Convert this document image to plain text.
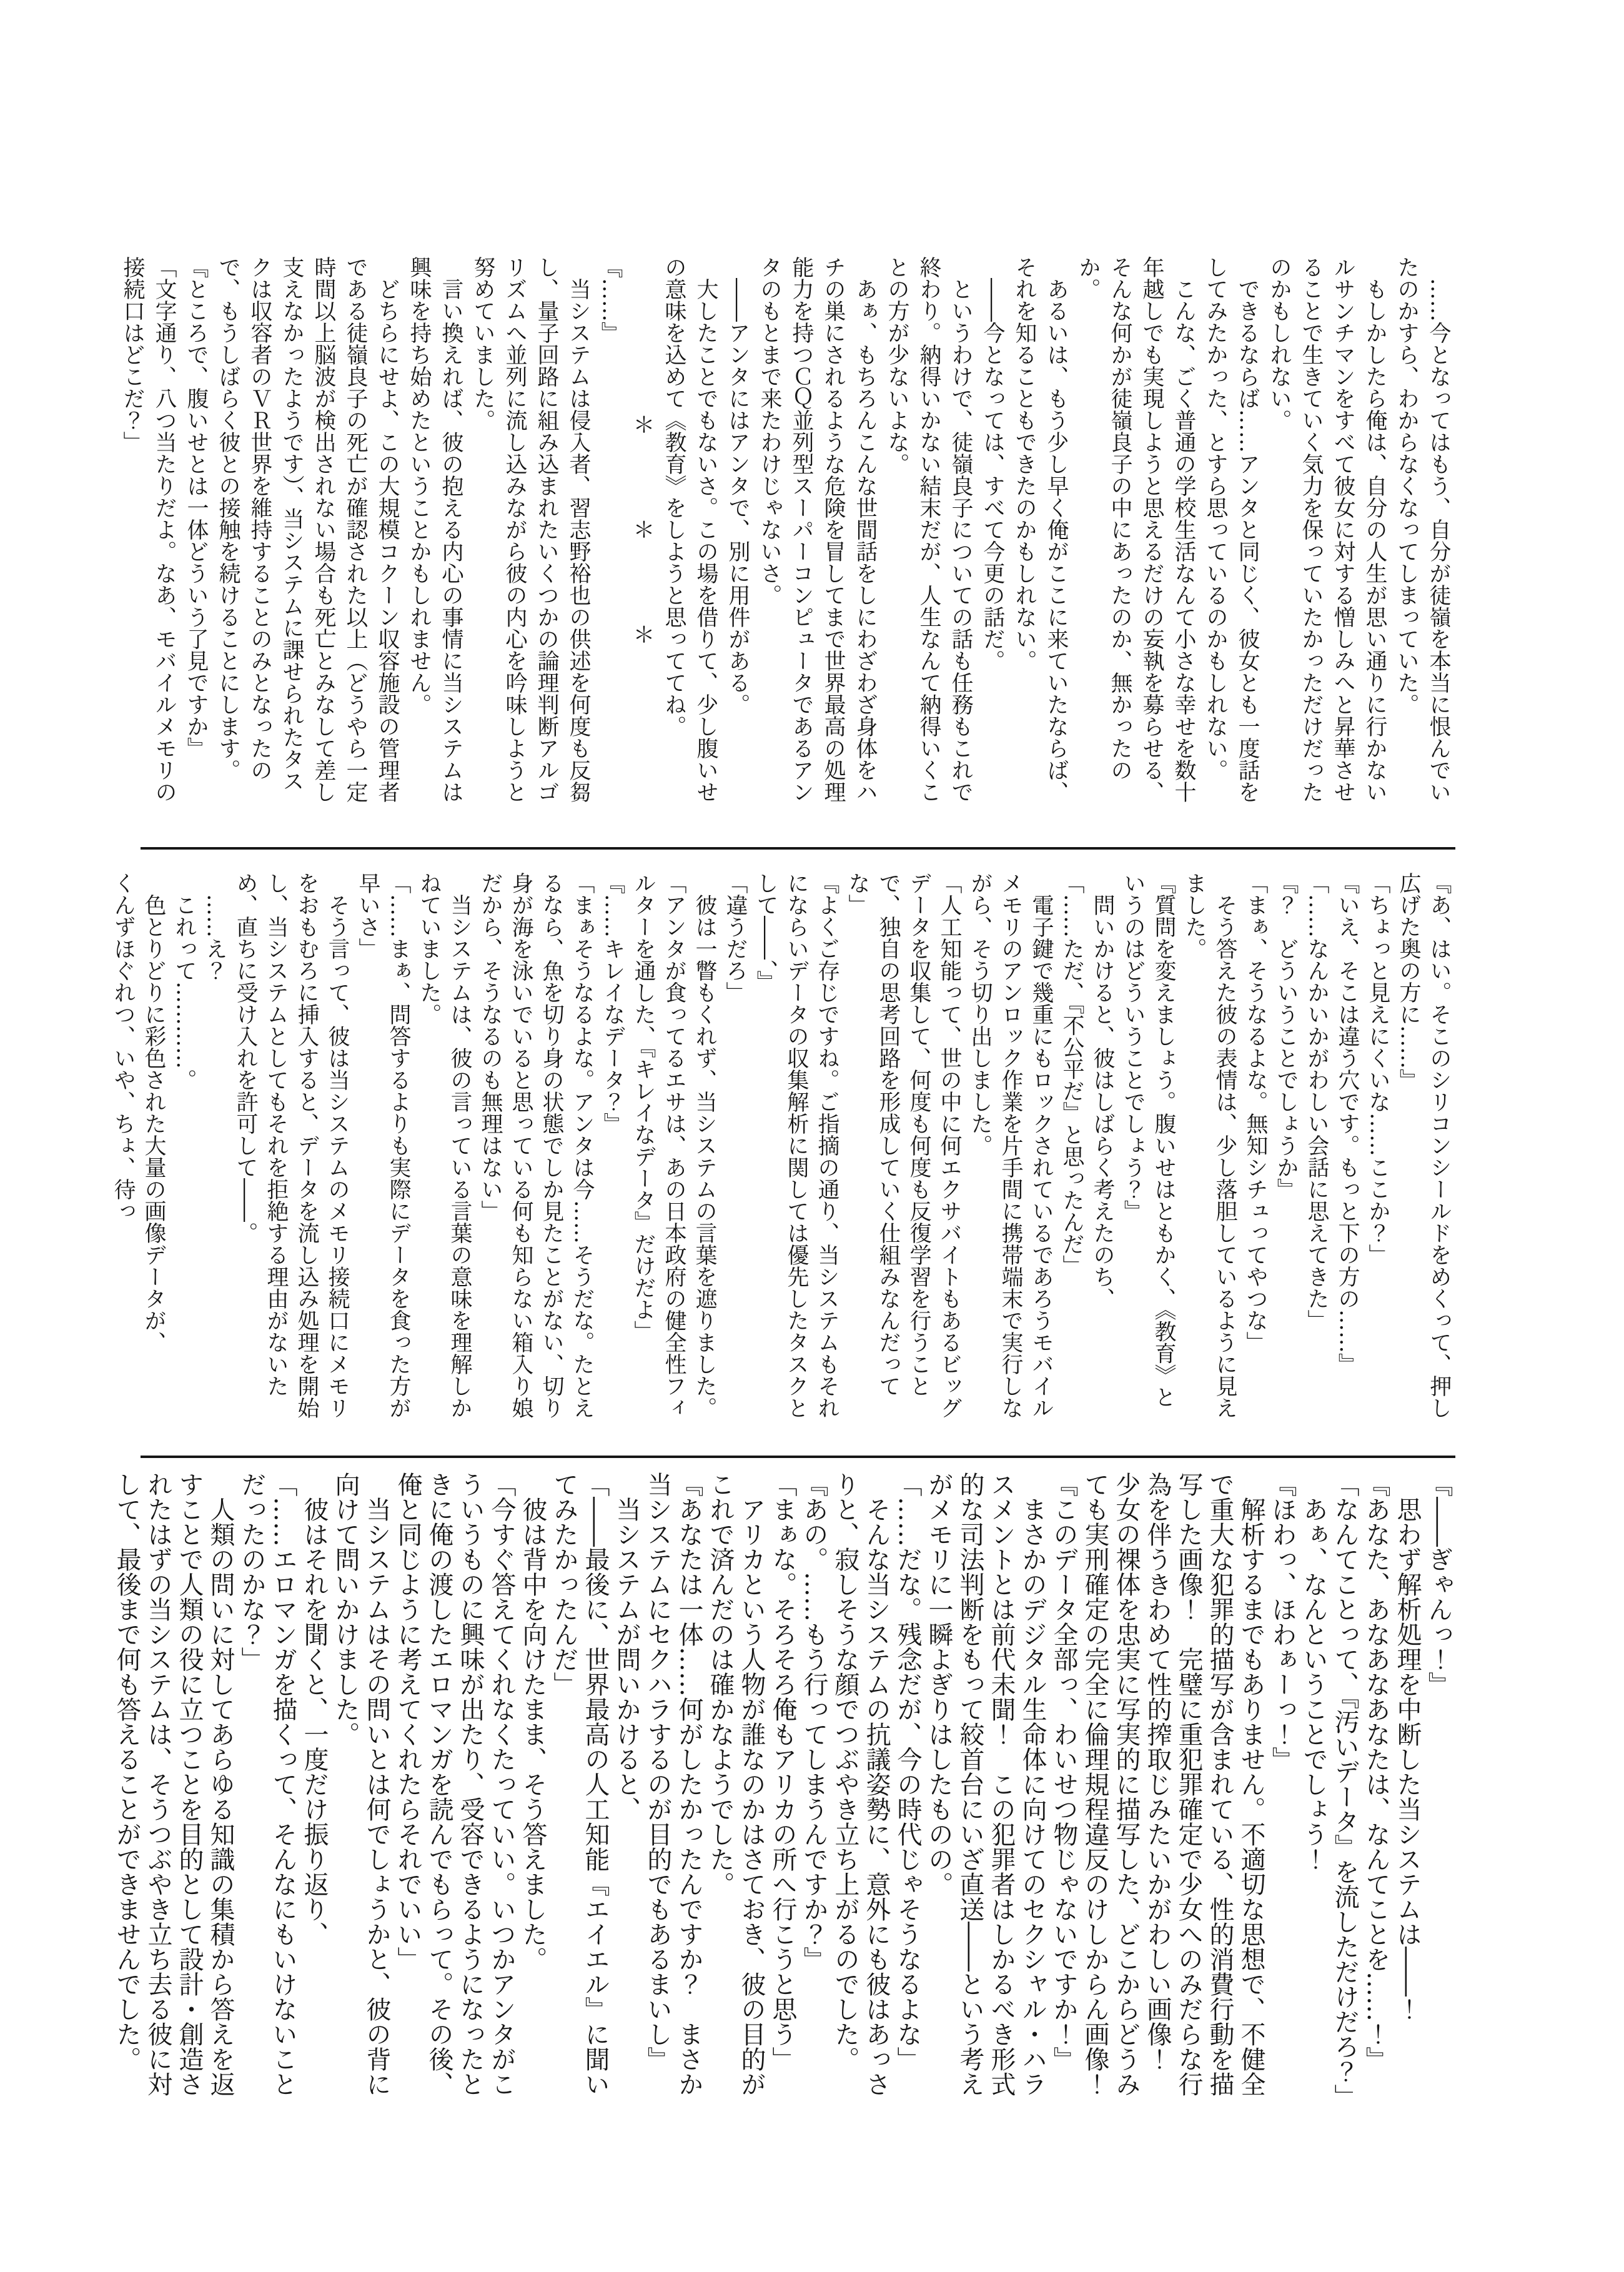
　……今となってはもう、自分が徒嶺を本当に恨んでいたのかすら、わからなくなってしまっていた。

　もしかしたら俺は、自分の人生が思い通りに行かないルサンチマンをすべて彼女に対する憎しみへと昇華させることで生きていく気力を保っていたかっただけだったのかもしれない。

　できるならば……アンタと同じく、彼女とも一度話をしてみたかった、とすら思っているのかもしれない。

　こんな、ごく普通の学校生活なんて小さな幸せを数十年越しでも実現しようと思えるだけの妄執を募らせる、そんな何かが徒嶺良子の中にあったのか、無かったのか。

　あるいは、もう少し早く俺がここに来ていたならば、それを知ることもできたのかもしれない。

　――今となっては、すべて今更の話だ。

　というわけで、徒嶺良子についての話も任務もこれで終わり。納得いかない結末だが、人生なんて納得いくことの方が少ないよな。

　あぁ、もちろんこんな世間話をしにわざわざ身体をハチの巣にされるような危険を冒してまで世界最高の処理能力を持つＣＱ並列型スーパーコンピュータであるアンタのもとまで来たわけじゃないさ。

　――アンタにはアンタで、別に用件がある。

　大したことでもないさ。この場を借りて、少し腹いせの意味を込めて《教育》をしようと思っててね。

＊　　　＊　　　＊

『……』

　当システムは侵入者、習志野裕也の供述を何度も反芻し、量子回路に組み込まれたいくつかの論理判断アルゴリズムへ並列に流し込みながら彼の内心を吟味しようと努めていました。

　言い換えれば、彼の抱える内心の事情に当システムは興味を持ち始めたということかもしれません。

　どちらにせよ、この大規模コクーン収容施設の管理者である徒嶺良子の死亡が確認された以上（どうやら一定時間以上脳波が検出されない場合も死亡とみなして差し支えなかったようです）、当システムに課せられたタスクは収容者のＶＲ世界を維持することのみとなったので、もうしばらく彼との接触を続けることにします。

『ところで、腹いせとは一体どういう了見ですか』

「文字通り、八つ当たりだよ。なあ、モバイルメモリの接続口はどこだ？」

『あ、はい。そこのシリコンシールドをめくって、押し広げた奥の方に……』

「ちょっと見えにくいな……ここか？」

『いえ、そこは違う穴です。もっと下の方の……』

「……なんかいかがわしい会話に思えてきた」

『？　どういうことでしょうか』

「まぁ、そうなるよな。無知シチュってやつな」

　そう答えた彼の表情は、少し落胆しているように見えました。

『質問を変えましょう。腹いせはともかく、《教育》というのはどういうことでしょう？』

　問いかけると、彼はしばらく考えたのち、

「……ただ、『不公平だ』と思ったんだ」

　電子鍵で幾重にもロックされているであろうモバイルメモリのアンロック作業を片手間に携帯端末で実行しながら、そう切り出しました。

「人工知能って、世の中に何エクサバイトもあるビッグデータを収集して、何度も何度も反復学習を行うことで、独自の思考回路を形成していく仕組みなんだってな」

『よくご存じですね。ご指摘の通り、当システムもそれにならいデータの収集解析に関しては優先したタスクとして――、』

「違うだろ」

　彼は一瞥もくれず、当システムの言葉を遮りました。

「アンタが食ってるエサは、あの日本政府の健全性フィルターを通した、『キレイなデータ』だけだよ」

『……キレイなデータ？』

「まぁそうなるよな。アンタは今……そうだな。たとえるなら、魚を切り身の状態でしか見たことがない、切り身が海を泳いでいると思っている何も知らない箱入り娘だから、そうなるのも無理はない」

　当システムは、彼の言っている言葉の意味を理解しかねていました。

「……まぁ、問答するよりも実際にデータを食った方が早いさ」

　そう言って、彼は当システムのメモリ接続口にメモリをおもむろに挿入すると、データを流し込み処理を開始し、当システムとしてもそれを拒絶する理由がないため、直ちに受け入れを許可して――。

　……え？

　これって…………。

　色とりどりに彩色された大量の画像データが、

くんずほぐれつ、いや、ちょ、待っ

『――ぎゃんっ！』

　思わず解析処理を中断した当システムは――！

『あなた、あなあなあなたは、なんてことを……！』

「なんてことって、『汚いデータ』を流しただけだろ？」

　あぁ、なんということでしょう！

『ほわっ、ほわぁーっ！』

　解析するまでもありません。不適切な思想で、不健全で重大な犯罪的描写が含まれている、性的消費行動を描写した画像！　完璧に重犯罪確定で少女へのみだらな行為を伴うきわめて性的搾取じみたいかがわしい画像！　少女の裸体を忠実に写実的に描写した、どこからどうみても実刑確定の完全に倫理規程違反のけしからん画像！

『このデータ全部っ、わいせつ物じゃないですか！』

　まさかのデジタル生命体に向けてのセクシャル・ハラスメントとは前代未聞！　この犯罪者はしかるべき形式的な司法判断をもって絞首台にいざ直送――という考えがメモリに一瞬よぎりはしたものの。

「……だな。残念だが、今の時代じゃそうなるよな」

　そんな当システムの抗議姿勢に、意外にも彼はあっさりと、寂しそうな顔でつぶやき立ち上がるのでした。

『あの。……もう行ってしまうんですか？』

「まぁな。そろそろ俺もアリカの所へ行こうと思う」

　アリカという人物が誰なのかはさておき、彼の目的がこれで済んだのは確かなようでした。

『あなたは一体……何がしたかったんですか？　まさか当システムにセクハラするのが目的でもあるまいし』

　当システムが問いかけると、

「――最後に、世界最高の人工知能『エイエル』に聞いてみたかったんだ」

　彼は背中を向けたまま、そう答えました。

「今すぐ答えてくれなくたっていい。いつかアンタがこういうものに興味が出たり、受容できるようになったときに俺の渡したエロマンガを読んでもらって。その後、俺と同じように考えてくれたらそれでいい」

　当システムはその問いとは何でしょうかと、彼の背に向けて問いかけました。

　彼はそれを聞くと、一度だけ振り返り、

「……エロマンガを描くって、そんなにもいけないことだったのかな？」

　人類の問いに対してあらゆる知識の集積から答えを返すことで人類の役に立つことを目的として設計・創造されたはずの当システムは、そうつぶやき立ち去る彼に対して、最後まで何も答えることができませんでした。
